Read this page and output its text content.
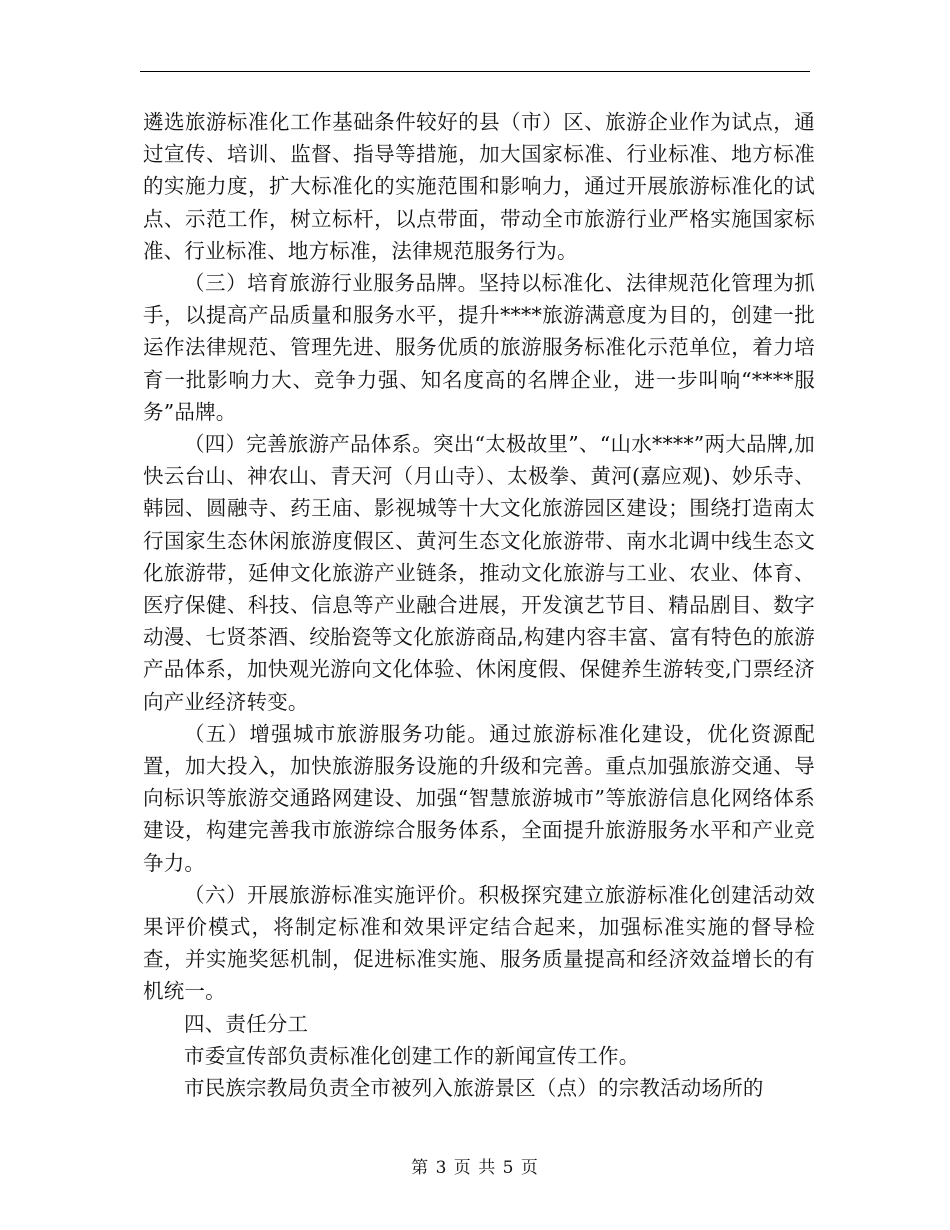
遴选旅游标准化工作基础条件较好的县（市）区、旅游企业作为试点，通过宣传、培训、监督、指导等措施，加大国家标准、行业标准、地方标准的实施力度，扩大标准化的实施范围和影响力，通过开展旅游标准化的试点、示范工作，树立标杆，以点带面，带动全市旅游行业严格实施国家标准、行业标准、地方标准，法律规范服务行为。

（三）培育旅游行业服务品牌。坚持以标准化、法律规范化管理为抓手，以提高产品质量和服务水平，提升****旅游满意度为目的，创建一批运作法律规范、管理先进、服务优质的旅游服务标准化示范单位，着力培育一批影响力大、竞争力强、知名度高的名牌企业，进一步叫响“****服务”品牌。

（四）完善旅游产品体系。突出“太极故里”、“山水****”两大品牌,加快云台山、神农山、青天河（月山寺）、太极拳、黄河(嘉应观)、妙乐寺、韩园、圆融寺、药王庙、影视城等十大文化旅游园区建设；围绕打造南太行国家生态休闲旅游度假区、黄河生态文化旅游带、南水北调中线生态文化旅游带，延伸文化旅游产业链条，推动文化旅游与工业、农业、体育、医疗保健、科技、信息等产业融合进展，开发演艺节目、精品剧目、数字动漫、七贤茶酒、绞胎瓷等文化旅游商品,构建内容丰富、富有特色的旅游产品体系，加快观光游向文化体验、休闲度假、保健养生游转变,门票经济向产业经济转变。

（五）增强城市旅游服务功能。通过旅游标准化建设，优化资源配置，加大投入，加快旅游服务设施的升级和完善。重点加强旅游交通、导向标识等旅游交通路网建设、加强“智慧旅游城市”等旅游信息化网络体系建设，构建完善我市旅游综合服务体系，全面提升旅游服务水平和产业竞争力。

（六）开展旅游标准实施评价。积极探究建立旅游标准化创建活动效果评价模式，将制定标准和效果评定结合起来，加强标准实施的督导检查，并实施奖惩机制，促进标准实施、服务质量提高和经济效益增长的有机统一。

四、责任分工

市委宣传部负责标准化创建工作的新闻宣传工作。

市民族宗教局负责全市被列入旅游景区（点）的宗教活动场所的

第 3 页 共 5 页
